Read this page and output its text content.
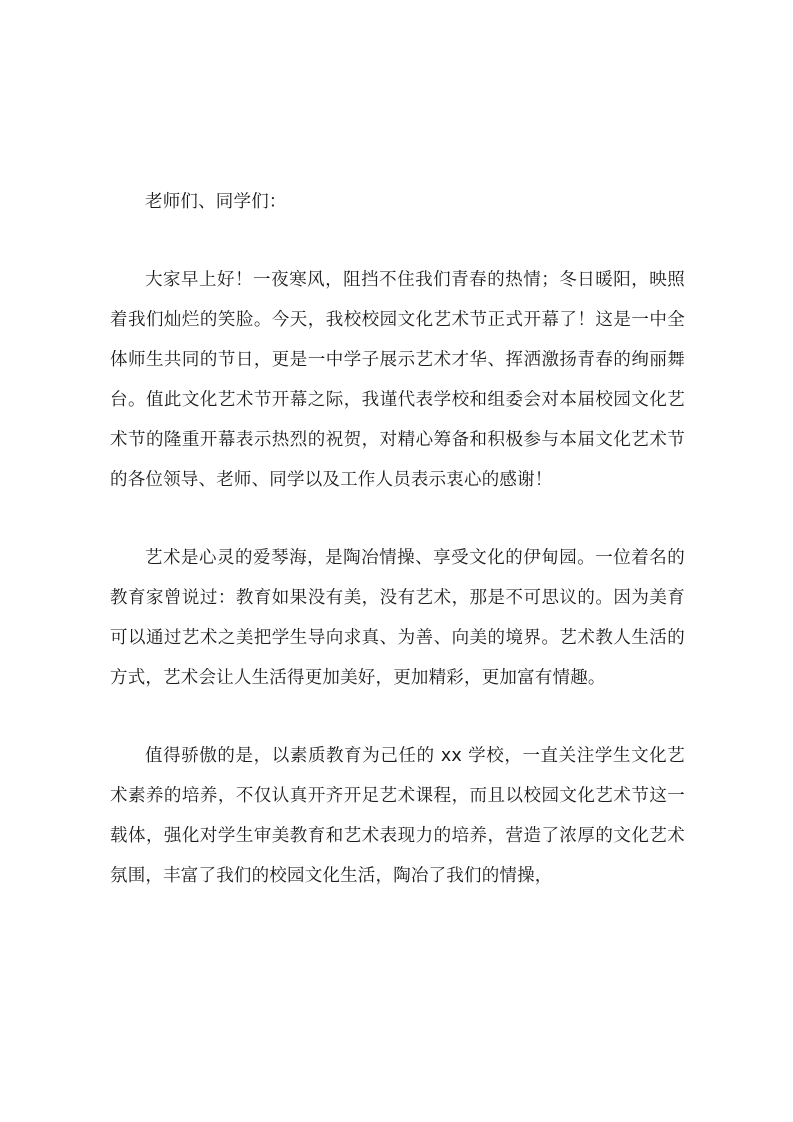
老师们、同学们：

大家早上好！一夜寒风，阻挡不住我们青春的热情；冬日暖阳，映照着我们灿烂的笑脸。今天，我校校园文化艺术节正式开幕了！这是一中全体师生共同的节日，更是一中学子展示艺术才华、挥洒激扬青春的绚丽舞台。值此文化艺术节开幕之际，我谨代表学校和组委会对本届校园文化艺术节的隆重开幕表示热烈的祝贺，对精心筹备和积极参与本届文化艺术节的各位领导、老师、同学以及工作人员表示衷心的感谢！

艺术是心灵的爱琴海，是陶冶情操、享受文化的伊甸园。一位着名的教育家曾说过：教育如果没有美，没有艺术，那是不可思议的。因为美育可以通过艺术之美把学生导向求真、为善、向美的境界。艺术教人生活的方式，艺术会让人生活得更加美好，更加精彩，更加富有情趣。

值得骄傲的是，以素质教育为己任的 xx 学校，一直关注学生文化艺术素养的培养，不仅认真开齐开足艺术课程，而且以校园文化艺术节这一载体，强化对学生审美教育和艺术表现力的培养，营造了浓厚的文化艺术氛围，丰富了我们的校园文化生活，陶冶了我们的情操，
